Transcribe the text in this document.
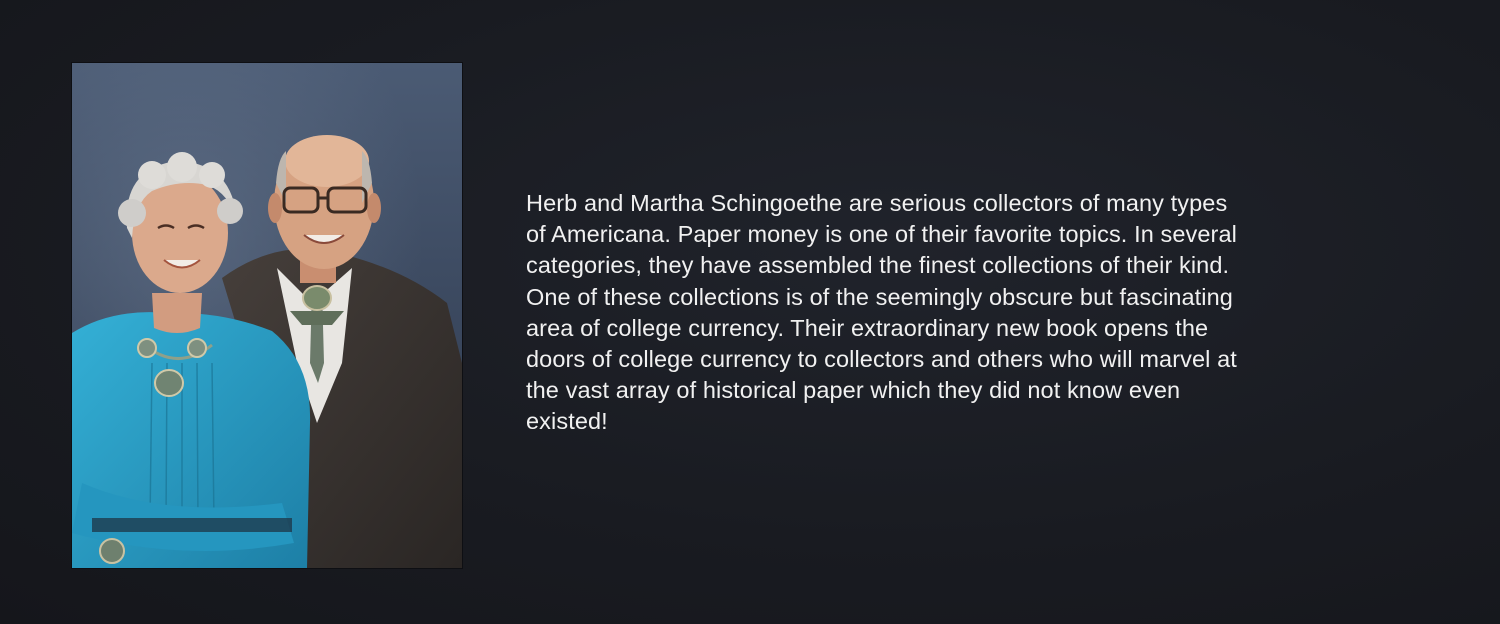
Herb and Martha Schingoethe are serious collectors of many types
of Americana. Paper money is one of their favorite topics. In several
categories, they have assembled the finest collections of their kind.
One of these collections is of the seemingly obscure but fascinating
area of college currency. Their extraordinary new book opens the
doors of college currency to collectors and others who will marvel at
the vast array of historical paper which they did not know even
existed!
